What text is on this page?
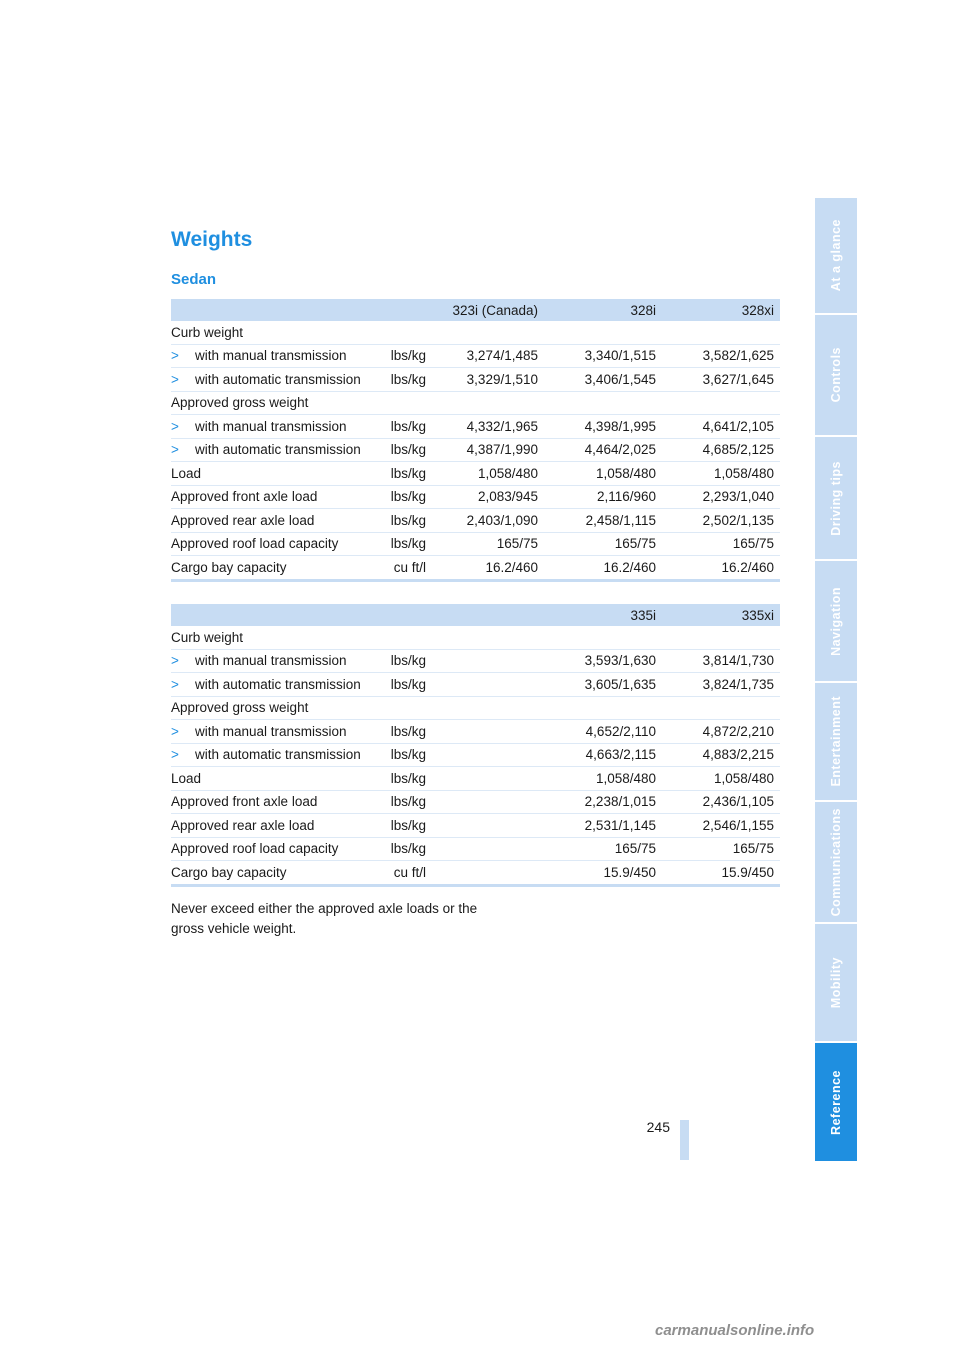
Weights
Sedan
		323i (Canada)	328i	328xi
Curb weight				
> with manual transmission	lbs/kg	3,274/1,485	3,340/1,515	3,582/1,625
> with automatic transmission	lbs/kg	3,329/1,510	3,406/1,545	3,627/1,645
Approved gross weight				
> with manual transmission	lbs/kg	4,332/1,965	4,398/1,995	4,641/2,105
> with automatic transmission	lbs/kg	4,387/1,990	4,464/2,025	4,685/2,125
Load	lbs/kg	1,058/480	1,058/480	1,058/480
Approved front axle load	lbs/kg	2,083/945	2,116/960	2,293/1,040
Approved rear axle load	lbs/kg	2,403/1,090	2,458/1,115	2,502/1,135
Approved roof load capacity	lbs/kg	165/75	165/75	165/75
Cargo bay capacity	cu ft/l	16.2/460	16.2/460	16.2/460
			335i	335xi
Curb weight				
> with manual transmission	lbs/kg		3,593/1,630	3,814/1,730
> with automatic transmission	lbs/kg		3,605/1,635	3,824/1,735
Approved gross weight				
> with manual transmission	lbs/kg		4,652/2,110	4,872/2,210
> with automatic transmission	lbs/kg		4,663/2,115	4,883/2,215
Load	lbs/kg		1,058/480	1,058/480
Approved front axle load	lbs/kg		2,238/1,015	2,436/1,105
Approved rear axle load	lbs/kg		2,531/1,145	2,546/1,155
Approved roof load capacity	lbs/kg		165/75	165/75
Cargo bay capacity	cu ft/l		15.9/450	15.9/450

Never exceed either the approved axle loads or the gross vehicle weight.

245
At a glance
Controls
Driving tips
Navigation
Entertainment
Communications
Mobility
Reference
carmanualsonline.info
